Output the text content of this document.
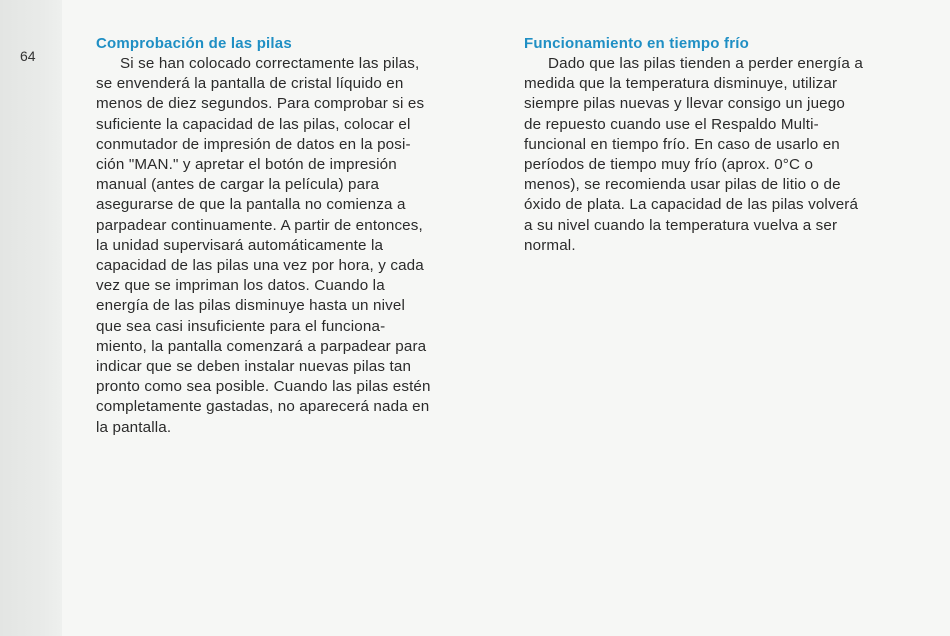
64
Comprobación de las pilas

Si se han colocado correctamente las pilas,
se envenderá la pantalla de cristal líquido en
menos de diez segundos. Para comprobar si es
suficiente la capacidad de las pilas, colocar el
conmutador de impresión de datos en la posi-
ción "MAN." y apretar el botón de impresión
manual (antes de cargar la película) para
asegurarse de que la pantalla no comienza a
parpadear continuamente. A partir de entonces,
la unidad supervisará automáticamente la
capacidad de las pilas una vez por hora, y cada
vez que se impriman los datos. Cuando la
energía de las pilas disminuye hasta un nivel
que sea casi insuficiente para el funciona-
miento, la pantalla comenzará a parpadear para
indicar que se deben instalar nuevas pilas tan
pronto como sea posible. Cuando las pilas estén
completamente gastadas, no aparecerá nada en
la pantalla.

Funcionamiento en tiempo frío

Dado que las pilas tienden a perder energía a
medida que la temperatura disminuye, utilizar
siempre pilas nuevas y llevar consigo un juego
de repuesto cuando use el Respaldo Multi-
funcional en tiempo frío. En caso de usarlo en
períodos de tiempo muy frío (aprox. 0°C o
menos), se recomienda usar pilas de litio o de
óxido de plata. La capacidad de las pilas volverá
a su nivel cuando la temperatura vuelva a ser
normal.
